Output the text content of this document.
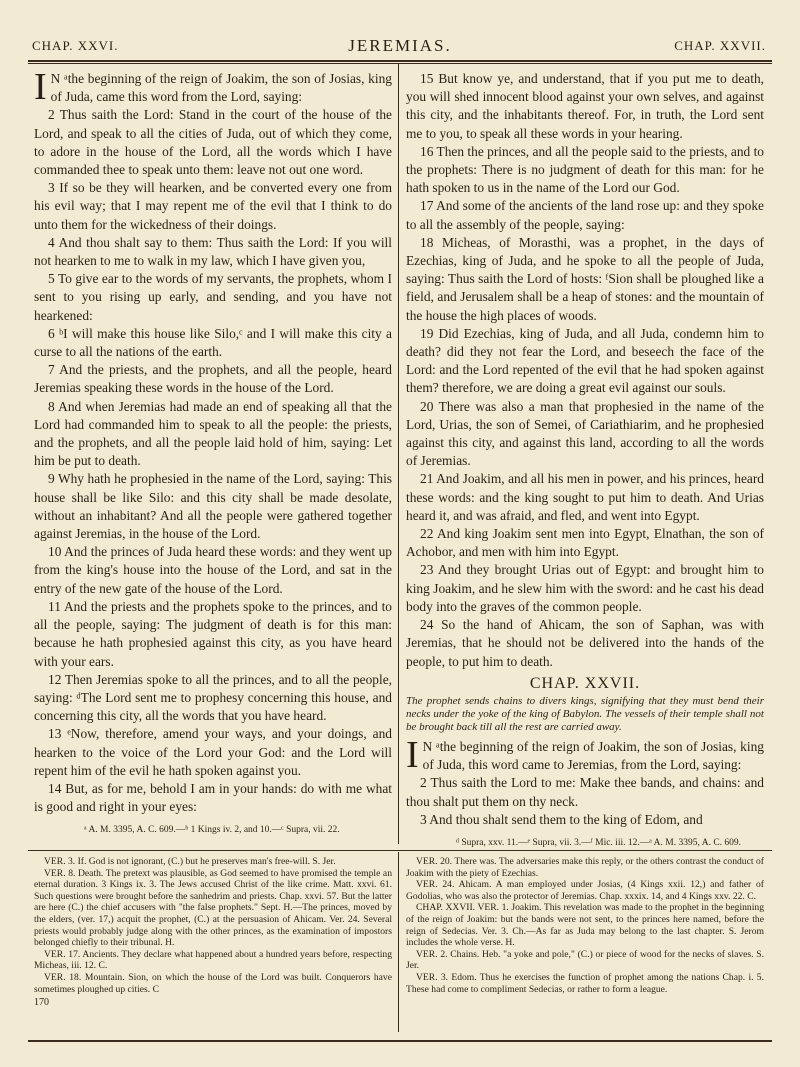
CHAP. XXVI.	JEREMIAS.	CHAP. XXVII.

I N ᵃthe beginning of the reign of Joakim, the son of Josias, king of Juda, came this word from the Lord, saying:

2 Thus saith the Lord: Stand in the court of the house of the Lord, and speak to all the cities of Juda, out of which they come, to adore in the house of the Lord, all the words which I have commanded thee to speak unto them: leave not out one word.

3 If so be they will hearken, and be converted every one from his evil way; that I may repent me of the evil that I think to do unto them for the wickedness of their doings.

4 And thou shalt say to them: Thus saith the Lord: If you will not hearken to me to walk in my law, which I have given you,

5 To give ear to the words of my servants, the prophets, whom I sent to you rising up early, and sending, and you have not hearkened:

6 ᵇI will make this house like Silo,ᶜ and I will make this city a curse to all the nations of the earth.

7 And the priests, and the prophets, and all the people, heard Jeremias speaking these words in the house of the Lord.

8 And when Jeremias had made an end of speaking all that the Lord had commanded him to speak to all the people: the priests, and the prophets, and all the people laid hold of him, saying: Let him be put to death.

9 Why hath he prophesied in the name of the Lord, saying: This house shall be like Silo: and this city shall be made desolate, without an inhabitant? And all the people were gathered together against Jeremias, in the house of the Lord.

10 And the princes of Juda heard these words: and they went up from the king's house into the house of the Lord, and sat in the entry of the new gate of the house of the Lord.

11 And the priests and the prophets spoke to the princes, and to all the people, saying: The judgment of death is for this man: because he hath prophesied against this city, as you have heard with your ears.

12 Then Jeremias spoke to all the princes, and to all the people, saying: ᵈThe Lord sent me to prophesy concerning this house, and concerning this city, all the words that you have heard.

13 ᵉNow, therefore, amend your ways, and your doings, and hearken to the voice of the Lord your God: and the Lord will repent him of the evil he hath spoken against you.

14 But, as for me, behold I am in your hands: do with me what is good and right in your eyes:

ᵃ A. M. 3395, A. C. 609.—ᵇ 1 Kings iv. 2, and 10.—ᶜ Supra, vii. 22.

15 But know ye, and understand, that if you put me to death, you will shed innocent blood against your own selves, and against this city, and the inhabitants thereof. For, in truth, the Lord sent me to you, to speak all these words in your hearing.

16 Then the princes, and all the people said to the priests, and to the prophets: There is no judgment of death for this man: for he hath spoken to us in the name of the Lord our God.

17 And some of the ancients of the land rose up: and they spoke to all the assembly of the people, saying:

18 Micheas, of Morasthi, was a prophet, in the days of Ezechias, king of Juda, and he spoke to all the people of Juda, saying: Thus saith the Lord of hosts: ᶠSion shall be ploughed like a field, and Jerusalem shall be a heap of stones: and the mountain of the house the high places of woods.

19 Did Ezechias, king of Juda, and all Juda, condemn him to death? did they not fear the Lord, and beseech the face of the Lord: and the Lord repented of the evil that he had spoken against them? therefore, we are doing a great evil against our souls.

20 There was also a man that prophesied in the name of the Lord, Urias, the son of Semei, of Cariathiarim, and he prophesied against this city, and against this land, according to all the words of Jeremias.

21 And Joakim, and all his men in power, and his princes, heard these words: and the king sought to put him to death. And Urias heard it, and was afraid, and fled, and went into Egypt.

22 And king Joakim sent men into Egypt, Elnathan, the son of Achobor, and men with him into Egypt.

23 And they brought Urias out of Egypt: and brought him to king Joakim, and he slew him with the sword: and he cast his dead body into the graves of the common people.

24 So the hand of Ahicam, the son of Saphan, was with Jeremias, that he should not be delivered into the hands of the people, to put him to death.

CHAP. XXVII.
The prophet sends chains to divers kings, signifying that they must bend their necks under the yoke of the king of Babylon. The vessels of their temple shall not be brought back till all the rest are carried away.

I N ᵃthe beginning of the reign of Joakim, the son of Josias, king of Juda, this word came to Jeremias, from the Lord, saying:

2 Thus saith the Lord to me: Make thee bands, and chains: and thou shalt put them on thy neck.

3 And thou shalt send them to the king of Edom, and

ᵈ Supra, xxv. 11.—ᵉ Supra, vii. 3.—ᶠ Mic. iii. 12.—ᵃ A. M. 3395, A. C. 609.

VER. 3. If. God is not ignorant, (C.) but he preserves man's free-will. S. Jer.

VER. 8. Death. The pretext was plausible, as God seemed to have promised the temple an eternal duration. 3 Kings ix. 3. The Jews accused Christ of the like crime. Matt. xxvi. 61. Such questions were brought before the sanhedrim and priests. Chap. xxvi. 57. But the latter are here (C.) the chief accusers with "the false prophets." Sept. H.—The princes, moved by the elders, (ver. 17,) acquit the prophet, (C.) at the persuasion of Ahicam. Ver. 24. Several priests would probably judge along with the other princes, as the examination of impostors belonged chiefly to their tribunal. H.

VER. 17. Ancients. They declare what happened about a hundred years before, respecting Micheas, iii. 12. C.

VER. 18. Mountain. Sion, on which the house of the Lord was built. Conquerors have sometimes ploughed up cities. C

170

VER. 20. There was. The adversaries make this reply, or the others contrast the conduct of Joakim with the piety of Ezechias.

VER. 24. Ahicam. A man employed under Josias, (4 Kings xxii. 12,) and father of Godolias, who was also the protector of Jeremias. Chap. xxxix. 14, and 4 Kings xxv. 22. C.

CHAP. XXVII. VER. 1. Joakim. This revelation was made to the prophet in the beginning of the reign of Joakim: but the bands were not sent, to the princes here named, before the reign of Sedecias. Ver. 3. Ch.—As far as Juda may belong to the last chapter. S. Jerom includes the whole verse. H.

VER. 2. Chains. Heb. "a yoke and pole," (C.) or piece of wood for the necks of slaves. S. Jer.

VER. 3. Edom. Thus he exercises the function of prophet among the nations Chap. i. 5. These had come to compliment Sedecias, or rather to form a league.
